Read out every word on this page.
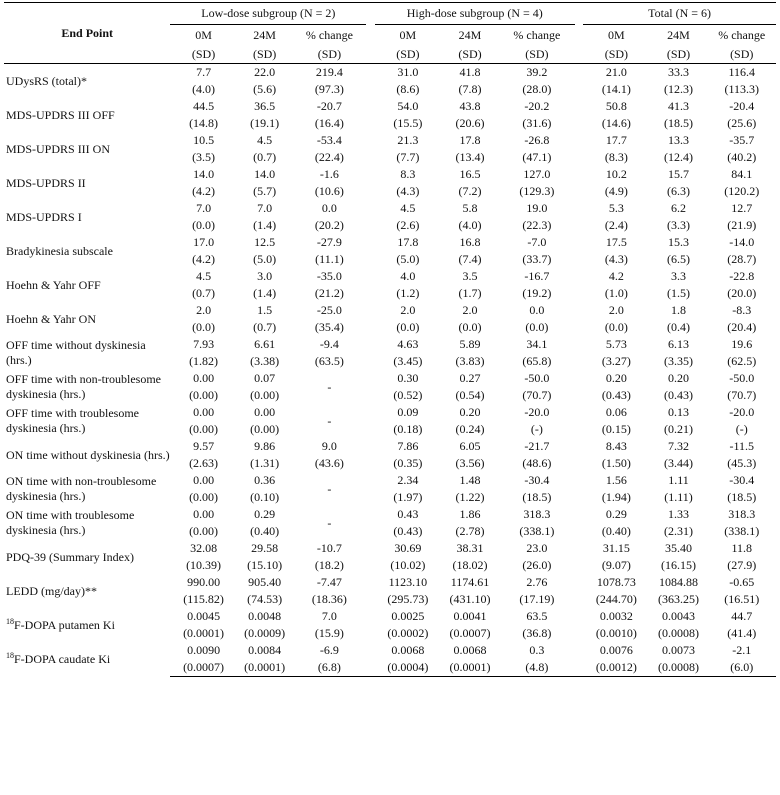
End Point	Low-dose subgroup (N = 2)				High-dose subgroup (N = 4)				Total (N = 6)		
	0M	24M	% change		0M	24M	% change		0M	24M	% change
	(SD)	(SD)	(SD)		(SD)	(SD)	(SD)		(SD)	(SD)	(SD)
UDysRS (total)*	7.7	22.0	219.4		31.0	41.8	39.2		21.0	33.3	116.4
	(4.0)	(5.6)	(97.3)		(8.6)	(7.8)	(28.0)		(14.1)	(12.3)	(113.3)
MDS-UPDRS III OFF	44.5	36.5	-20.7		54.0	43.8	-20.2		50.8	41.3	-20.4
	(14.8)	(19.1)	(16.4)		(15.5)	(20.6)	(31.6)		(14.6)	(18.5)	(25.6)
MDS-UPDRS III ON	10.5	4.5	-53.4		21.3	17.8	-26.8		17.7	13.3	-35.7
	(3.5)	(0.7)	(22.4)		(7.7)	(13.4)	(47.1)		(8.3)	(12.4)	(40.2)
MDS-UPDRS II	14.0	14.0	-1.6		8.3	16.5	127.0		10.2	15.7	84.1
	(4.2)	(5.7)	(10.6)		(4.3)	(7.2)	(129.3)		(4.9)	(6.3)	(120.2)
MDS-UPDRS I	7.0	7.0	0.0		4.5	5.8	19.0		5.3	6.2	12.7
	(0.0)	(1.4)	(20.2)		(2.6)	(4.0)	(22.3)		(2.4)	(3.3)	(21.9)
Bradykinesia subscale	17.0	12.5	-27.9		17.8	16.8	-7.0		17.5	15.3	-14.0
	(4.2)	(5.0)	(11.1)		(5.0)	(7.4)	(33.7)		(4.3)	(6.5)	(28.7)
Hoehn & Yahr OFF	4.5	3.0	-35.0		4.0	3.5	-16.7		4.2	3.3	-22.8
	(0.7)	(1.4)	(21.2)		(1.2)	(1.7)	(19.2)		(1.0)	(1.5)	(20.0)
Hoehn & Yahr ON	2.0	1.5	-25.0		2.0	2.0	0.0		2.0	1.8	-8.3
	(0.0)	(0.7)	(35.4)		(0.0)	(0.0)	(0.0)		(0.0)	(0.4)	(20.4)
OFF time without dyskinesia (hrs.)	7.93	6.61	-9.4		4.63	5.89	34.1		5.73	6.13	19.6
	(1.82)	(3.38)	(63.5)		(3.45)	(3.83)	(65.8)		(3.27)	(3.35)	(62.5)
OFF time with non-troublesome dyskinesia (hrs.)	0.00	0.07	-		0.30	0.27	-50.0		0.20	0.20	-50.0
	(0.00)	(0.00)			(0.52)	(0.54)	(70.7)		(0.43)	(0.43)	(70.7)
OFF time with troublesome dyskinesia (hrs.)	0.00	0.00	-		0.09	0.20	-20.0		0.06	0.13	-20.0
	(0.00)	(0.00)			(0.18)	(0.24)	(-)		(0.15)	(0.21)	(-)
ON time without dyskinesia (hrs.)	9.57	9.86	9.0		7.86	6.05	-21.7		8.43	7.32	-11.5
	(2.63)	(1.31)	(43.6)		(0.35)	(3.56)	(48.6)		(1.50)	(3.44)	(45.3)
ON time with non-troublesome dyskinesia (hrs.)	0.00	0.36	-		2.34	1.48	-30.4		1.56	1.11	-30.4
	(0.00)	(0.10)			(1.97)	(1.22)	(18.5)		(1.94)	(1.11)	(18.5)
ON time with troublesome dyskinesia (hrs.)	0.00	0.29	-		0.43	1.86	318.3		0.29	1.33	318.3
	(0.00)	(0.40)			(0.43)	(2.78)	(338.1)		(0.40)	(2.31)	(338.1)
PDQ-39 (Summary Index)	32.08	29.58	-10.7		30.69	38.31	23.0		31.15	35.40	11.8
	(10.39)	(15.10)	(18.2)		(10.02)	(18.02)	(26.0)		(9.07)	(16.15)	(27.9)
LEDD (mg/day)**	990.00	905.40	-7.47		1123.10	1174.61	2.76		1078.73	1084.88	-0.65
	(115.82)	(74.53)	(18.36)		(295.73)	(431.10)	(17.19)		(244.70)	(363.25)	(16.51)
$^{18}$F-DOPA putamen Ki	0.0045	0.0048	7.0		0.0025	0.0041	63.5		0.0032	0.0043	44.7
	(0.0001)	(0.0009)	(15.9)		(0.0002)	(0.0007)	(36.8)		(0.0010)	(0.0008)	(41.4)
$^{18}$F-DOPA caudate Ki	0.0090	0.0084	-6.9		0.0068	0.0068	0.3		0.0076	0.0073	-2.1
	(0.0007)	(0.0001)	(6.8)		(0.0004)	(0.0001)	(4.8)		(0.0012)	(0.0008)	(6.0)
